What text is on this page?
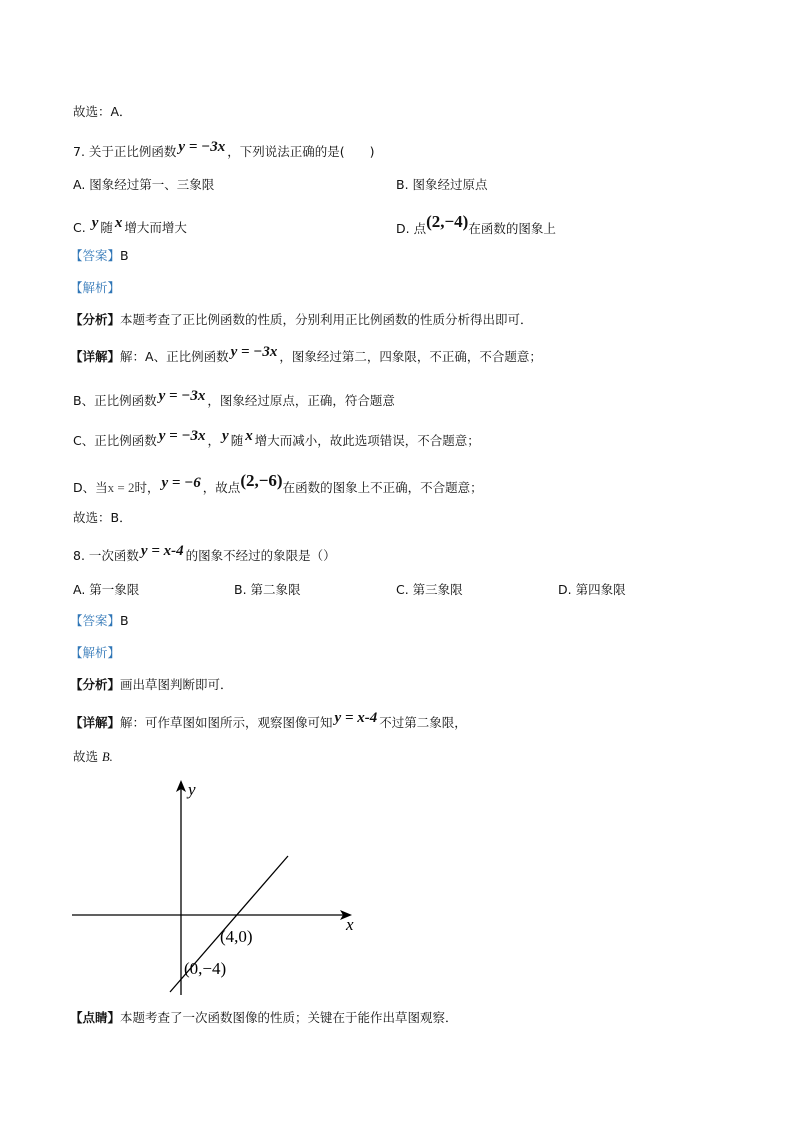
故选：A．
7. 关于正比例函数 y = −3x ，下列说法正确的是(　　)
A. 图象经过第一、三象限	B. 图象经过原点
C. y 随 x 增大而增大	D. 点(2,−4)在函数的图象上
【答案】B
【解析】
【分析】本题考查了正比例函数的性质，分别利用正比例函数的性质分析得出即可．
【详解】解：A、正比例函数 y = −3x ，图象经过第二，四象限，不正确，不合题意；
B、正比例函数 y = −3x ，图象经过原点，正确，符合题意
C、正比例函数 y = −3x ， y 随 x 增大而减小，故此选项错误，不合题意；
D、当x = 2时， y = −6 ，故点(2,−6)在函数的图象上不正确，不合题意；
故选：B．
8. 一次函数 y = x-4 的图象不经过的象限是（）
A. 第一象限	B. 第二象限	C. 第三象限	D. 第四象限
【答案】B
【解析】
【分析】画出草图判断即可．
【详解】解：可作草图如图所示，观察图像可知 y = x-4 不过第二象限，
故选 B.
x
y
(4,0)
(0,−4)
【点睛】本题考查了一次函数图像的性质；关键在于能作出草图观察．
